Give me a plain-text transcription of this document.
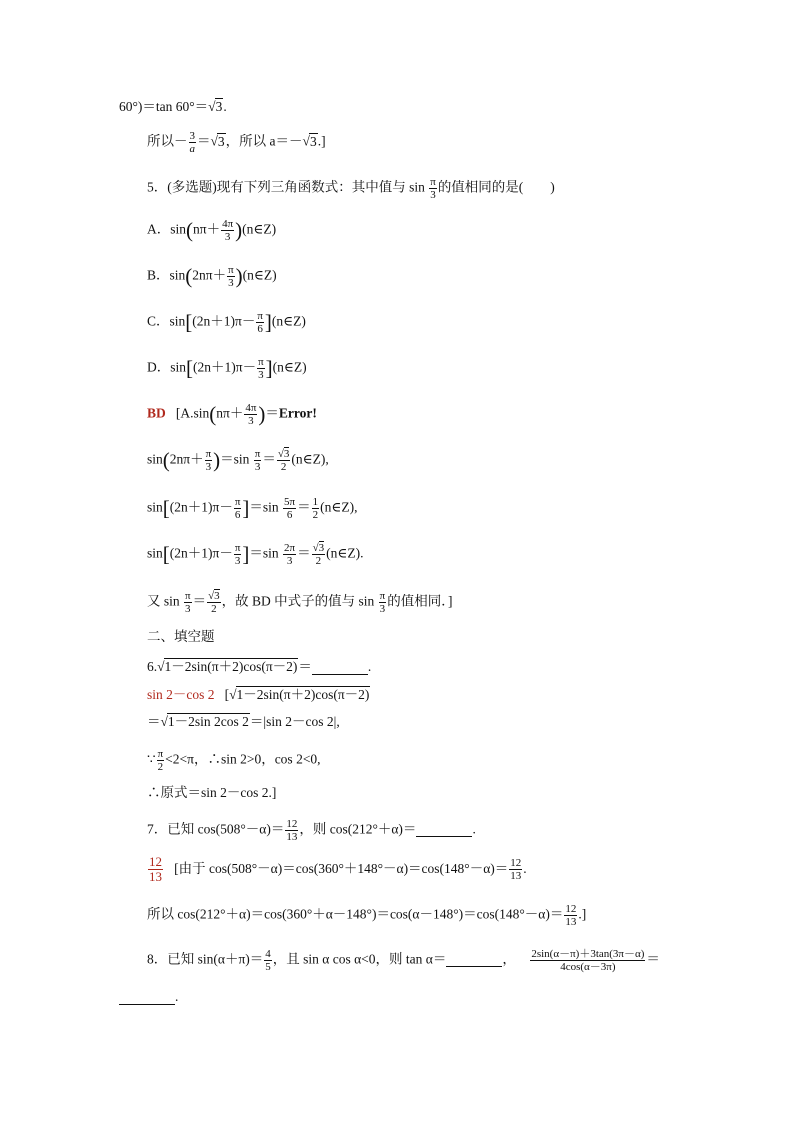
60°)＝tan 60°＝√3.
所以－ $\frac{3}{a} =√3$，所以 a＝－√3.]
5．(多选题)现有下列三角函数式：其中值与 $\sin \frac{\pi}{3}$ 的值相同的是(　　)
A．$\sin(n\pi+ \frac{4\pi}{3}$ )(n∈Z)
B．$\sin(2n\pi+ \frac{\pi}{3}$ )(n∈Z)
C．$\sin[(2n+1)\pi- \frac{\pi}{6}$ ](n∈Z)
D．$\sin[(2n+1)\pi- \frac{\pi}{3}$ ](n∈Z)
BD [$A.\sin(n\pi+ \frac{4\pi}{3}$ )＝Error!
$\sin(2n\pi+ \frac{\pi}{3} )=\sin \frac{\pi}{3} = \frac{√3}{2}$ (n∈Z),
$\sin[(2n+1)\pi- \frac{\pi}{6} ]=\sin \frac{5\pi}{6} = \frac{1}{2}$ (n∈Z),
$\sin[(2n+1)\pi- \frac{\pi}{3} ]=\sin \frac{2\pi}{3} = \frac{√3}{2}$ (n∈Z).
又 $\sin \frac{\pi}{3} = \frac{√3}{2}$ ，故 BD 中式子的值与 $\sin \frac{\pi}{3}$ 的值相同．]
二、填空题
6.√1－2sin(π＋2)cos(π－2)＝	.
sin 2－cos 2 [√1－2sin(π＋2)cos(π－2)
＝√1－2sin 2cos 2＝|sin 2－cos 2|,
∵ $\frac{\pi}{2} <2<\pi$，∴sin 2>0，cos 2<0,
∴原式＝sin 2－cos 2.]
7．已知 $\cos(508^\circ-\alpha)= \frac{12}{13}$ ，则 cos(212°＋α)＝	.
$\frac{12}{13}$ [由于 $\cos(508^\circ-\alpha)=\cos(360^\circ+148^\circ-\alpha)=\cos(148^\circ-\alpha)= \frac{12}{13}$ .
所以 $\cos(212^\circ+\alpha)=\cos(360^\circ+\alpha-148^\circ)=\cos(\alpha-148^\circ)=\cos(148^\circ-\alpha)= \frac{12}{13}$ .]
8．已知 $\sin(\alpha+\pi)= \frac{4}{5}$ ，且 sin α cos α<0，则 tan α＝	， $\frac{2\sin(\alpha-\pi)+3\tan(3\pi-\alpha)}{4\cos(\alpha-3\pi)}$ ＝
.
